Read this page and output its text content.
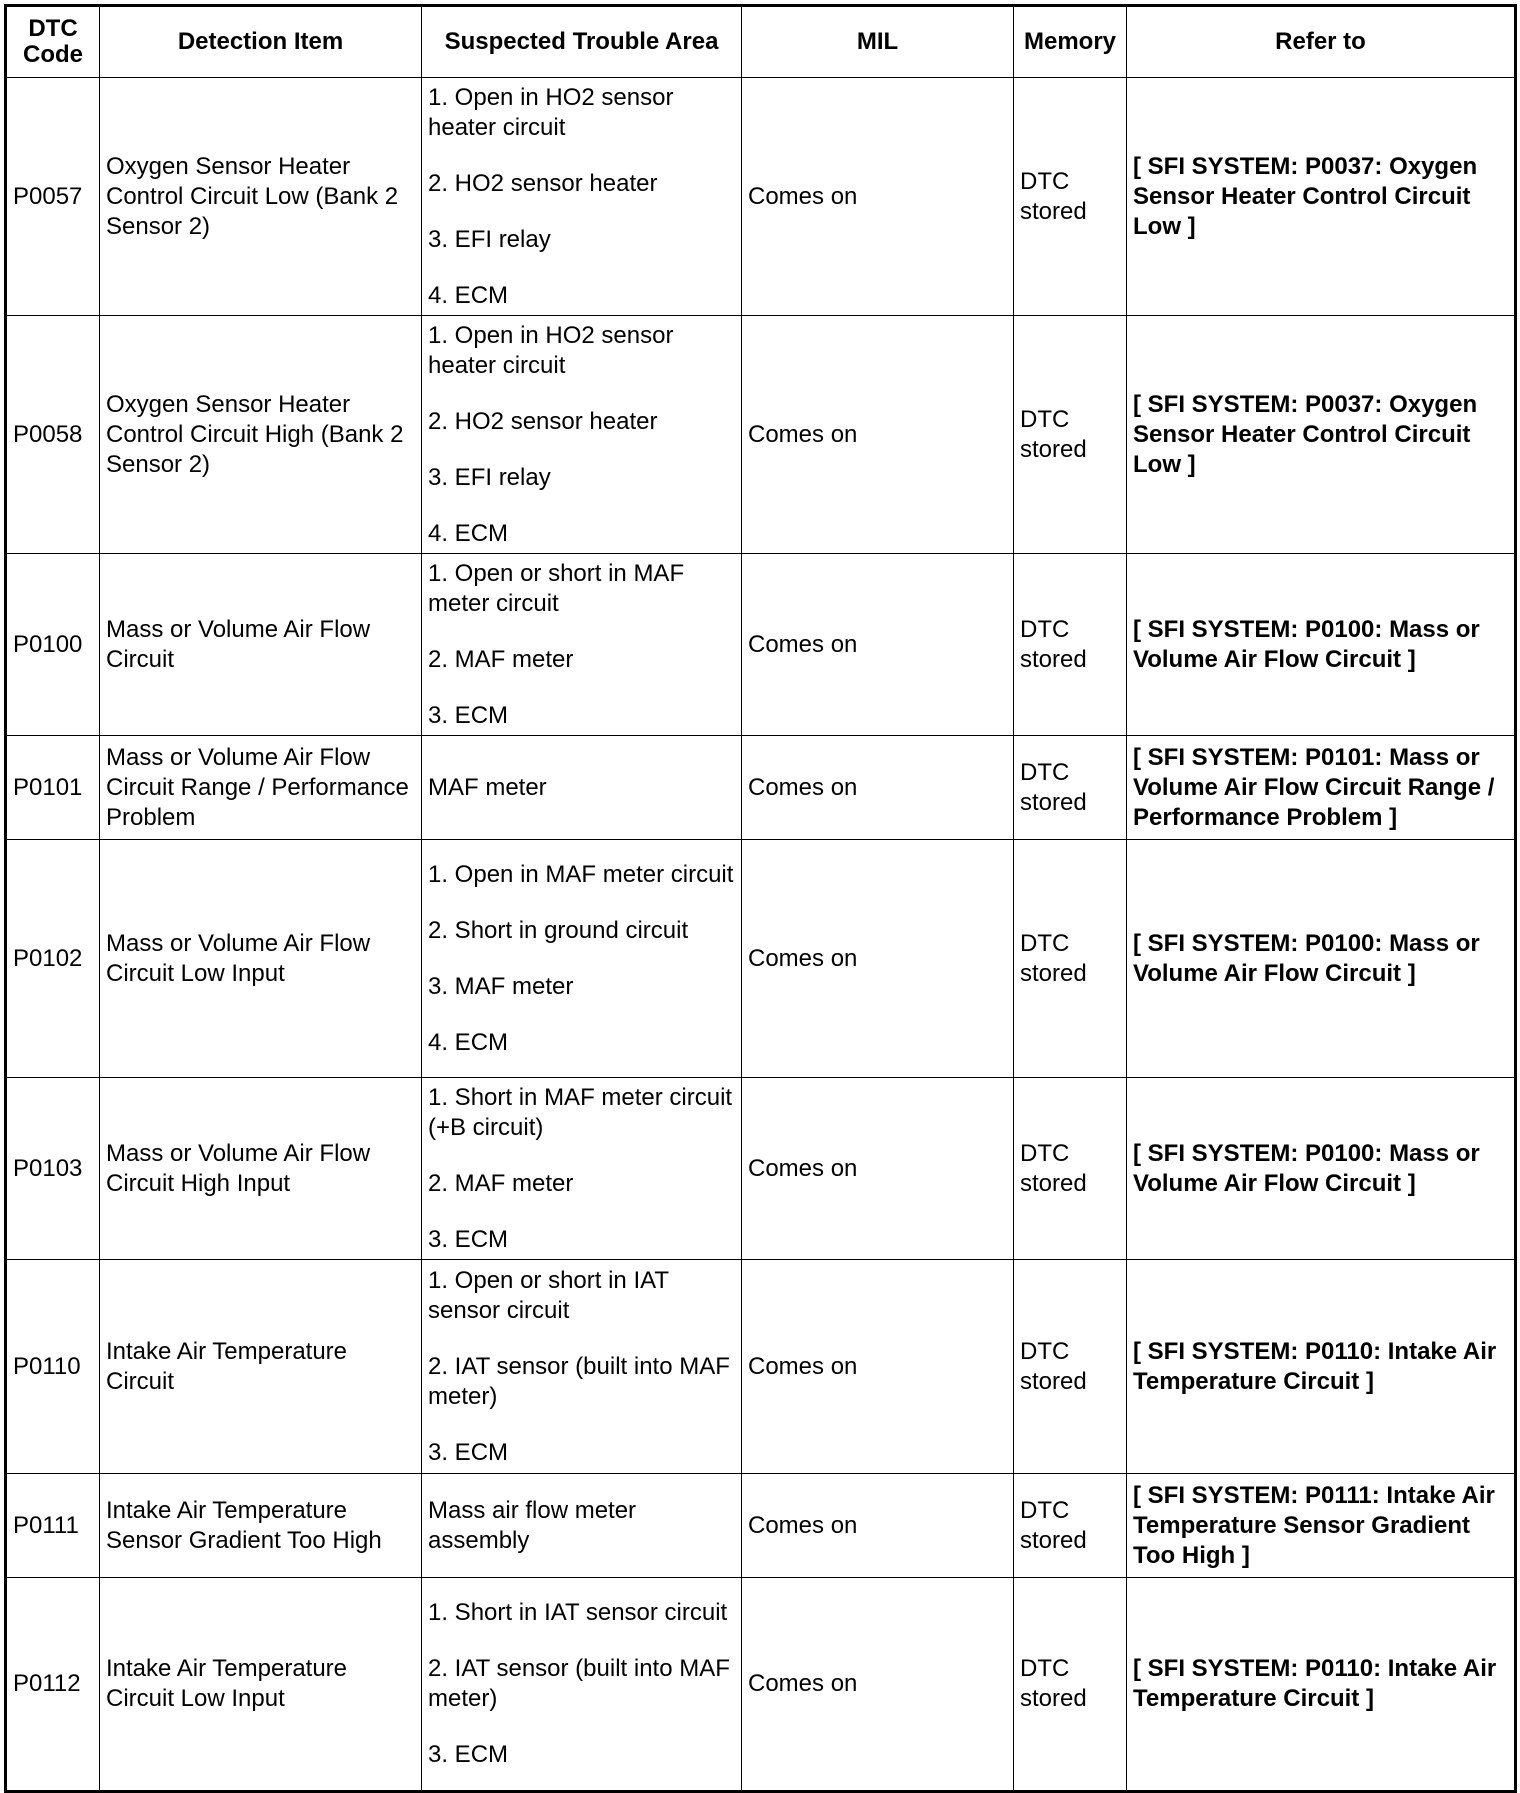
DTC Code	Detection Item	Suspected Trouble Area	MIL	Memory	Refer to
P0057	Oxygen Sensor Heater Control Circuit Low (Bank 2 Sensor 2)	1. Open in HO2 sensor heater circuit

2. HO2 sensor heater

3. EFI relay

4. ECM	Comes on	DTC stored	[ SFI SYSTEM: P0037: Oxygen Sensor Heater Control Circuit Low ]
P0058	Oxygen Sensor Heater Control Circuit High (Bank 2 Sensor 2)	1. Open in HO2 sensor heater circuit

2. HO2 sensor heater

3. EFI relay

4. ECM	Comes on	DTC stored	[ SFI SYSTEM: P0037: Oxygen Sensor Heater Control Circuit Low ]
P0100	Mass or Volume Air Flow Circuit	1. Open or short in MAF meter circuit

2. MAF meter

3. ECM	Comes on	DTC stored	[ SFI SYSTEM: P0100: Mass or Volume Air Flow Circuit ]
P0101	Mass or Volume Air Flow Circuit Range / Performance Problem	MAF meter	Comes on	DTC stored	[ SFI SYSTEM: P0101: Mass or Volume Air Flow Circuit Range / Performance Problem ]
P0102	Mass or Volume Air Flow Circuit Low Input	1. Open in MAF meter circuit

2. Short in ground circuit

3. MAF meter

4. ECM	Comes on	DTC stored	[ SFI SYSTEM: P0100: Mass or Volume Air Flow Circuit ]
P0103	Mass or Volume Air Flow Circuit High Input	1. Short in MAF meter circuit (+B circuit)

2. MAF meter

3. ECM	Comes on	DTC stored	[ SFI SYSTEM: P0100: Mass or Volume Air Flow Circuit ]
P0110	Intake Air Temperature Circuit	1. Open or short in IAT sensor circuit

2. IAT sensor (built into MAF meter)

3. ECM	Comes on	DTC stored	[ SFI SYSTEM: P0110: Intake Air Temperature Circuit ]
P0111	Intake Air Temperature Sensor Gradient Too High	Mass air flow meter assembly	Comes on	DTC stored	[ SFI SYSTEM: P0111: Intake Air Temperature Sensor Gradient Too High ]
P0112	Intake Air Temperature Circuit Low Input	1. Short in IAT sensor circuit

2. IAT sensor (built into MAF meter)

3. ECM	Comes on	DTC stored	[ SFI SYSTEM: P0110: Intake Air Temperature Circuit ]
